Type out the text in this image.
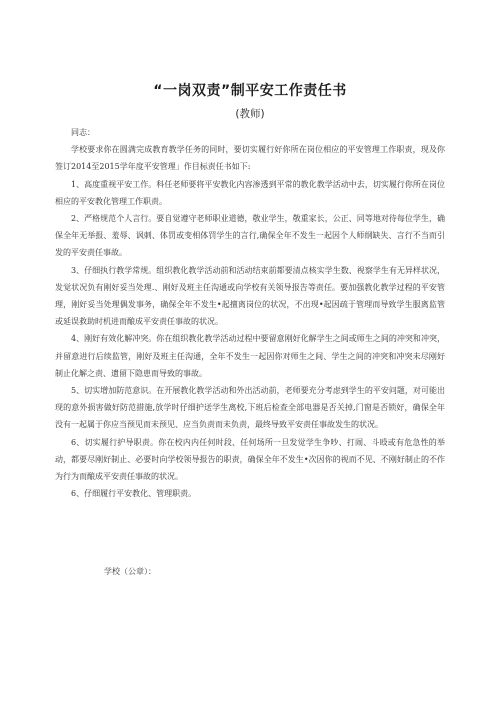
“一岗双责”制平安工作责任书
(教师)

同志：

学校要求你在圆满完成教育教学任务的同时，要切实履行好你所在岗位相应的平安管理工作职责，现及你签订2014至2015学年度平安管理」作目标责任书如下:

1、高度重视平安工作。科任老师要将平安教化内容渗透到平常的教化教学活动中去，切实履行你所在岗位相应的平安教化管理工作职责。

2、严格规范个人言行。要自觉遵守老师职业道德，敬业学生，敬重家长，公正、同等地对待每位学生，确保全年无举报、羞辱、讽刺、体罚或变相体罚学生的言行,确保全年不发生一起因个人师纲缺失、言行不当而引发的平安责任事故。

3、仔细执行教学常规。组织教化教学活动前和活动结束前都要清点核实学生数、视察学生有无异样状况，发觉状况负有刚好妥当处理.、刚好及班主任沟通或向学校有关领导报告等责任。要加强教化教学过程的平安管理，刚好妥当处理偶发事务，确保全年不发生•起擅离岗位的状况，不出现•起因疏于管理而导致学生服离监管或延误救助时机进而酿成平安责任事故的状况。

4、刚好有效化解冲突。你在组织教化教学活动过程中要留意刚好化解学生之间或师生之间的冲突和冲突，并留意进行后续监管，刚好及班主任沟通，全年不发生一起因你对师生之间、学生之间的冲突和冲突未尽刚好制止化解之责、遗留下隐患而导致的事故。

5、切实增加防范意识。在开展教化教学活动和外出活动前，老师要充分考虑到学生的平安问题，对可能出现的意外损害做好防范措施,放学时仔细护送学生离校,下班后检查全部电器是否关掉,门窗是否锁好，确保全年没有一起属于你应当预见而未预见、应当负责而未负责，最终导致平安责任事故发生的状况。

6、切实履行护导职责。你在校内内任何时段、任何场所一旦发觉学生争吵、打闹、斗殴或有危急性的举动，都要尽刚好制止、必要时向学校领导报告的职责，确保全年不发生•次因你的视而不见、不刚好制止的不作为行为而酿成平安责任事故的状况。

6、仔细履行平安教化、管理职责。

学校（公章）：
